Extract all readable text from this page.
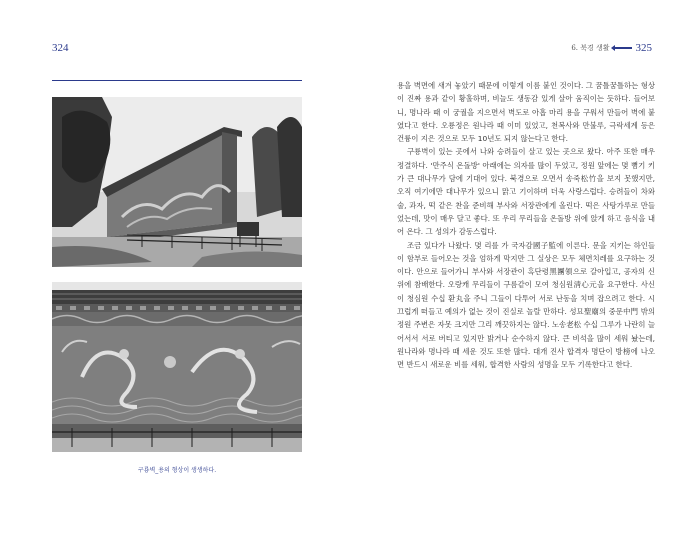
324
구룡벽_용의 형상이 생생하다.
6. 북경 생활 325

용을 벽면에 새겨 놓았기 때문에 이렇게 이름 붙인 것이다. 그 꿈틀꿈틀하는 형상이 진짜 용과 같이 황홀하며, 비늘도 생동감 있게 살아 움직이는 듯하다. 들어보니, 명나라 때 이 궁궐을 지으면서 벽도로 아홉 마리 용을 구워서 만들어 벽에 붙였다고 한다. 오룡정은 원나라 때 이미 있었고, 천복사와 만불루, 극락세계 등은 건륭이 지은 것으로 모두 10년도 되지 않는다고 한다.

구룡벽이 있는 곳에서 나와 승려들이 살고 있는 곳으로 왔다. 아주 또한 매우 정결하다. '만주식 온돌방' 아래에는 의자를 많이 두었고, 정원 앞에는 몇 뼘기 키가 큰 대나무가 담에 기대어 있다. 북경으로 오면서 송죽松竹을 보지 못했지만, 오직 여기에만 대나무가 있으니 맑고 기이하며 더욱 사랑스럽다. 승려들이 차와 술, 과자, 떡 같은 찬을 준비해 부사와 서장관에게 올린다. 떡은 사탕가루로 만들었는데, 맛이 매우 달고 좋다. 또 우리 무리들을 온돌방 위에 앉게 하고 음식을 내어 온다. 그 성의가 감동스럽다.

조금 있다가 나왔다. 몇 리를 가 국자감國子監에 이른다. 문을 지키는 하인들이 함부로 들어오는 것을 엄하게 막지만 그 실상은 모두 체면치레를 요구하는 것이다. 안으로 들어가니 부사와 서장관이 흑단령黑團領으로 갈아입고, 공자의 신위에 참배한다. 오랑캐 무리들이 구름같이 모여 청심원淸心元을 요구한다. 사신이 청심원 수십 환丸을 주니 그들이 다투어 서로 난동을 치며 잡으려고 한다. 시끄럽게 떠들고 예의가 없는 것이 진실로 놀랄 만하다. 성묘聖廟의 중문中門 밖의 정원 주변은 자못 크지만 그리 깨끗하지는 않다. 노송老松 수십 그루가 나란히 늘어서서 서로 버티고 있지만 밝거나 순수하지 않다. 큰 비석을 많이 세워 놨는데, 원나라와 명나라 때 세운 것도 또한 많다. 대개 진사 합격자 명단이 방榜에 나오면 반드시 새로운 비를 세워, 합격한 사람의 성명을 모두 기록한다고 한다.
